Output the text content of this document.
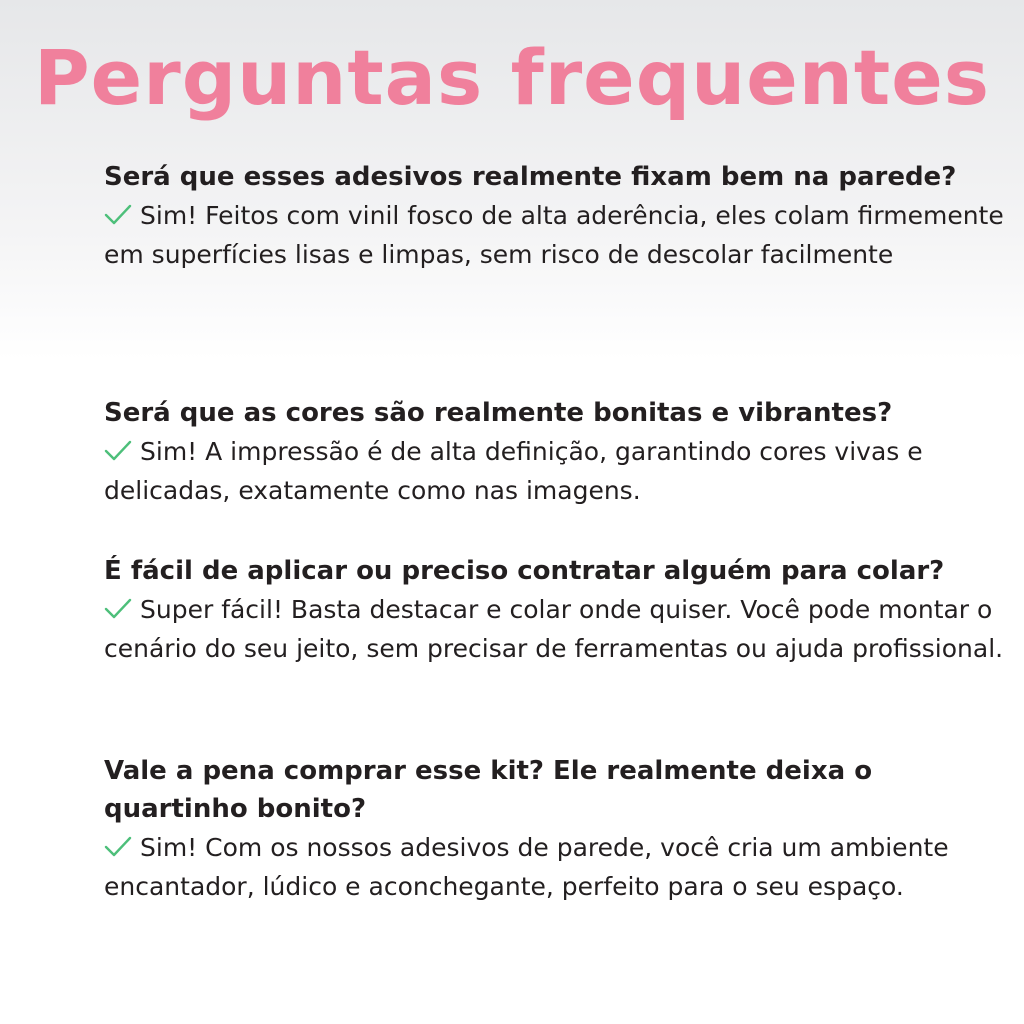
Perguntas frequentes

Será que esses adesivos realmente fixam bem na parede?

Sim! Feitos com vinil fosco de alta aderência, eles colam firmemente em superfícies lisas e limpas, sem risco de descolar facilmente

Será que as cores são realmente bonitas e vibrantes?

Sim! A impressão é de alta definição, garantindo cores vivas e delicadas, exatamente como nas imagens.

É fácil de aplicar ou preciso contratar alguém para colar?

Super fácil! Basta destacar e colar onde quiser. Você pode montar o cenário do seu jeito, sem precisar de ferramentas ou ajuda profissional.

Vale a pena comprar esse kit? Ele realmente deixa o quartinho bonito?

Sim! Com os nossos adesivos de parede, você cria um ambiente encantador, lúdico e aconchegante, perfeito para o seu espaço.
